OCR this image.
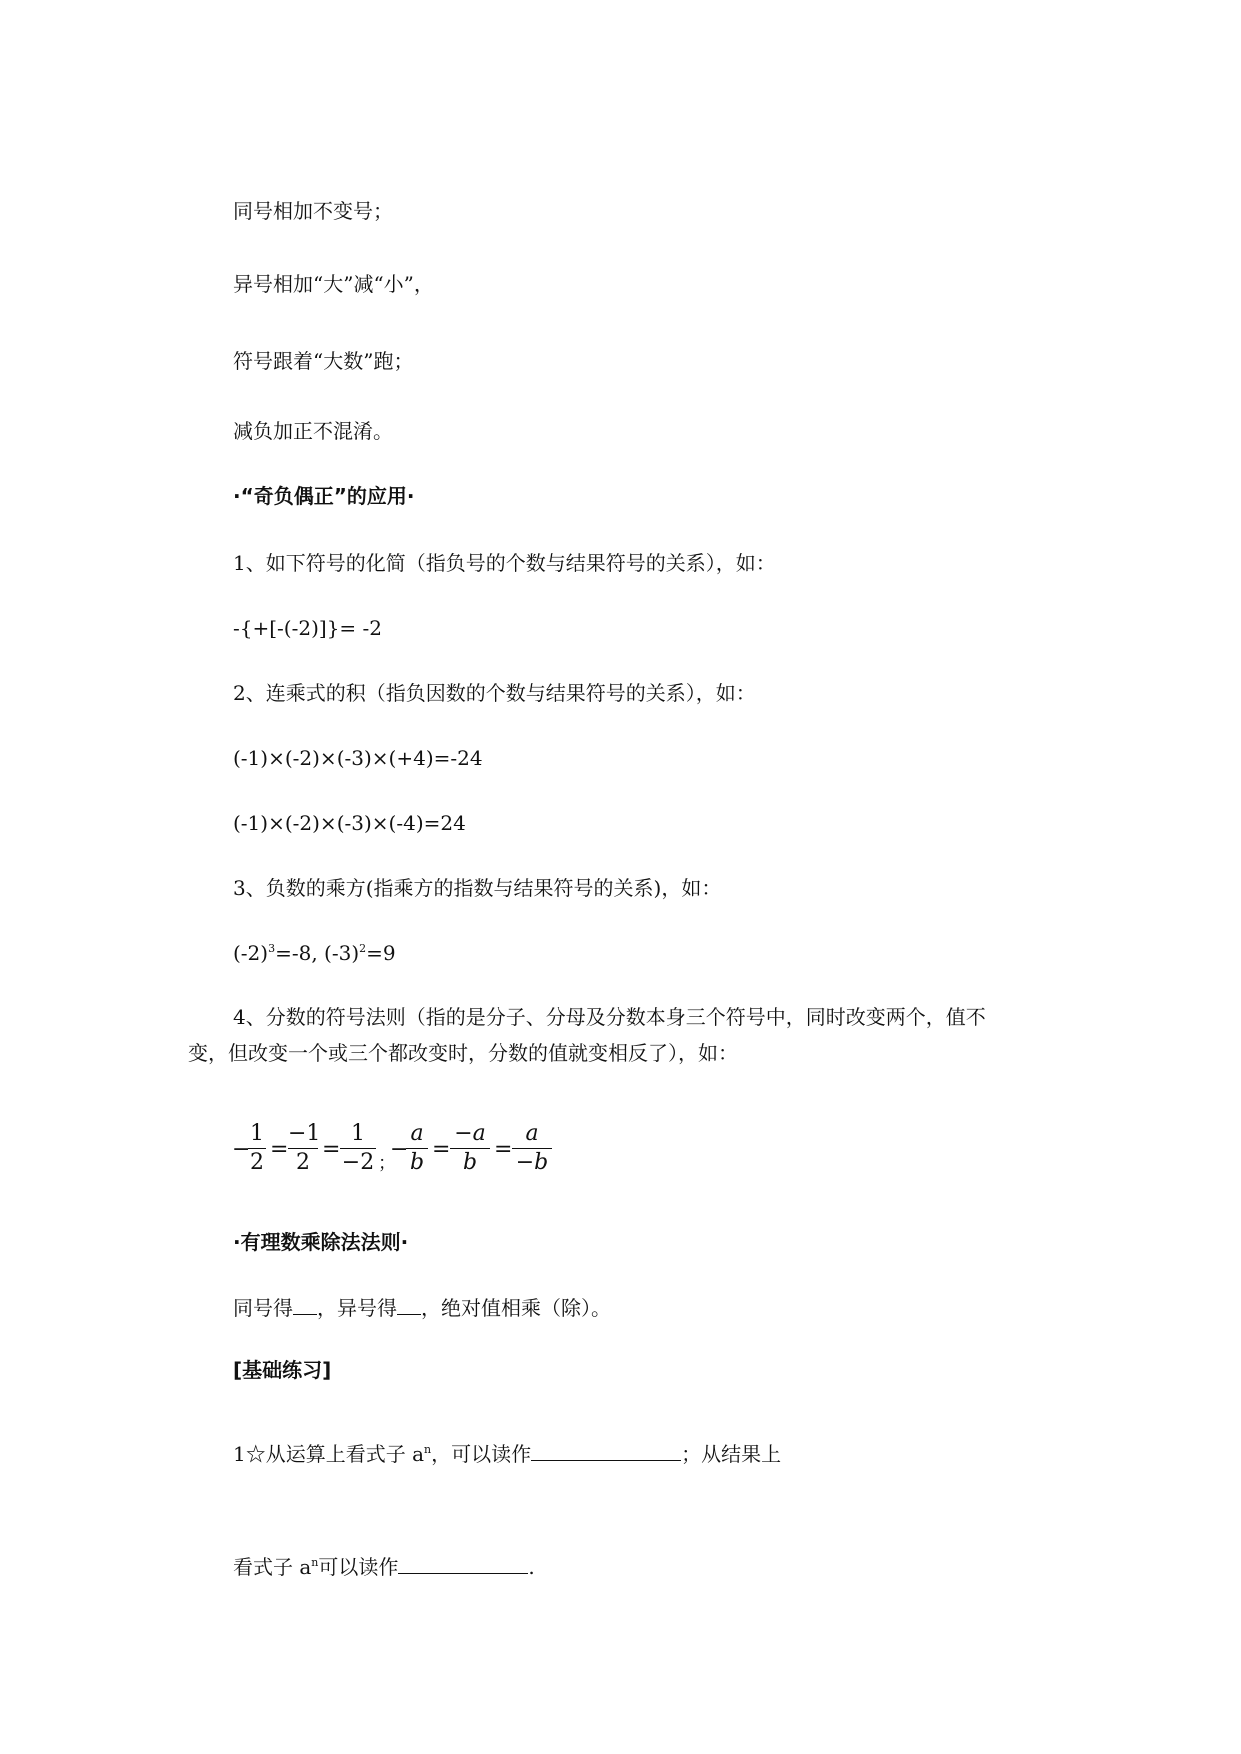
同号相加不变号；
异号相加“大”减“小”，
符号跟着“大数”跑；
减负加正不混淆。
·“奇负偶正”的应用·
1、如下符号的化简（指负号的个数与结果符号的关系），如：
-{+[-(-2)]}= -2
2、连乘式的积（指负因数的个数与结果符号的关系），如：
(-1)×(-2)×(-3)×(+4)=-24
(-1)×(-2)×(-3)×(-4)=24
3、负数的乘方(指乘方的指数与结果符号的关系)，如：
$(-2)^3=-8$, $(-3)^2=9$
4、分数的符号法则（指的是分子、分母及分数本身三个符号中，同时改变两个，值不
变，但改变一个或三个都改变时，分数的值就变相反了），如：
−
1
2
=
−1
2
=
1
−2 ；
−
a
b
=
−a
b
=
a
−b
·有理数乘除法法则·
同号得 ，异号得 ，绝对值相乘（除）。
[基础练习]
1☆从运算上看式子 $a^n$，可以读作	；从结果上
看式子 $a^n$可以读作	.
